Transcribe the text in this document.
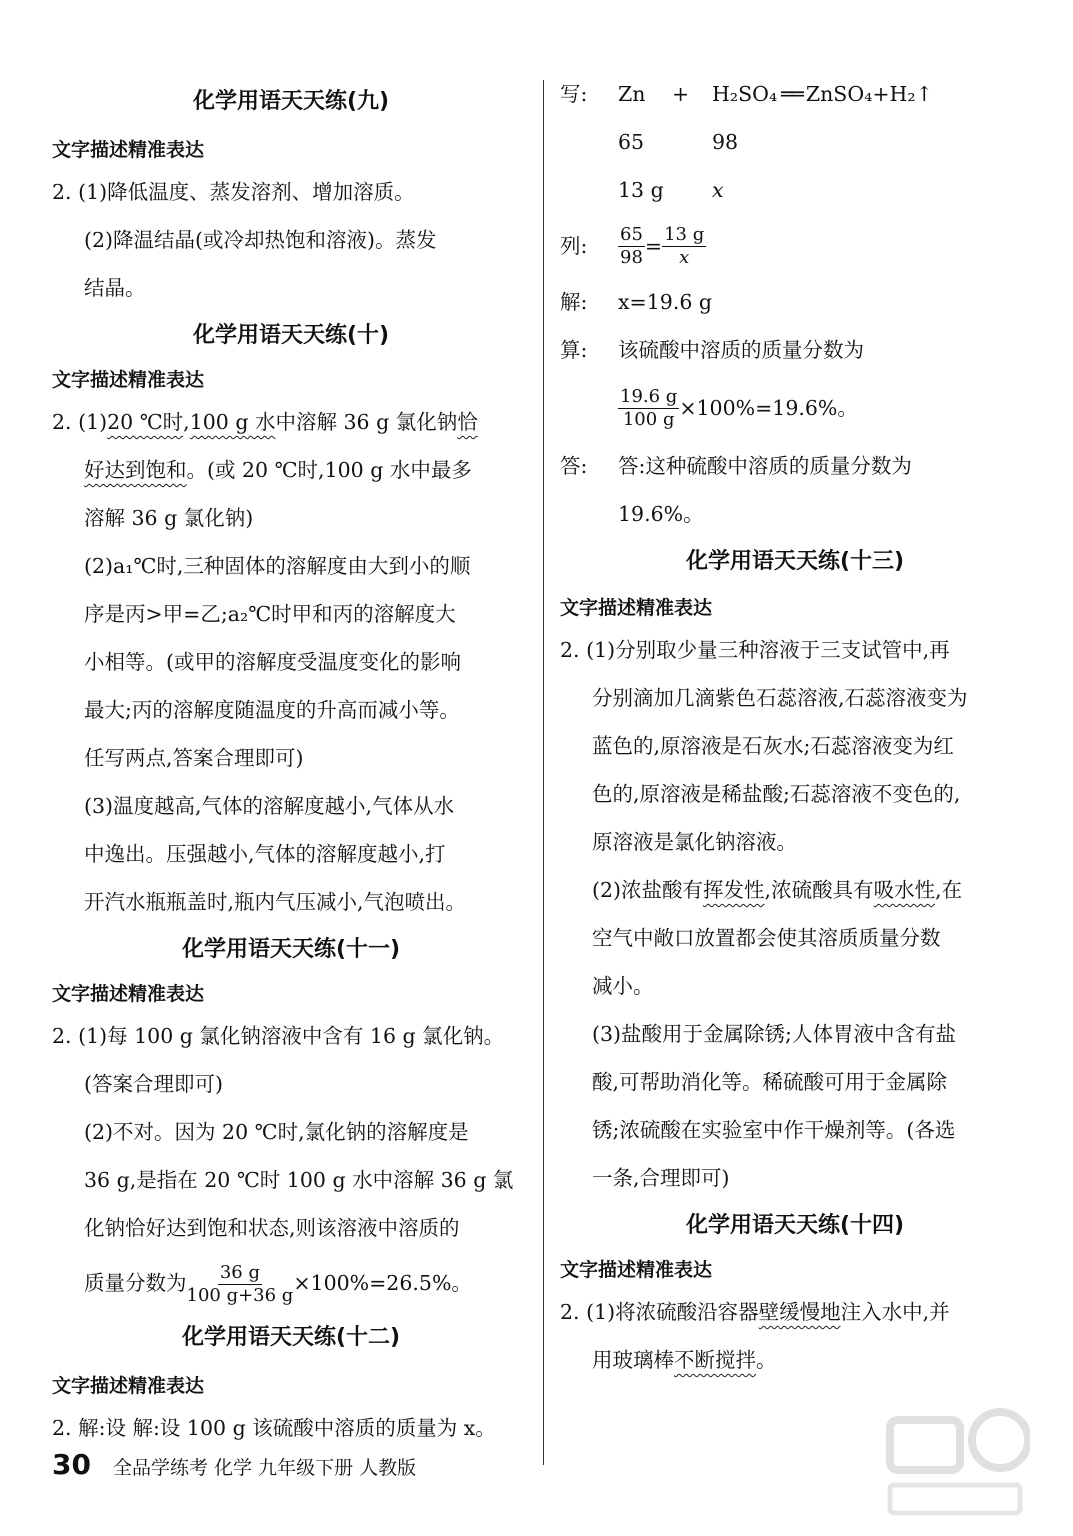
化学用语天天练(九)

文字描述精准表达

2. (1)降低温度、蒸发溶剂、增加溶质。

(2)降温结晶(或冷却热饱和溶液)。蒸发

结晶。

化学用语天天练(十)

文字描述精准表达

2. (1)20 ℃时,100 g 水中溶解 36 g 氯化钠恰

好达到饱和。(或 20 ℃时,100 g 水中最多

溶解 36 g 氯化钠)

(2)a₁℃时,三种固体的溶解度由大到小的顺

序是丙>甲=乙;a₂℃时甲和丙的溶解度大

小相等。(或甲的溶解度受温度变化的影响

最大;丙的溶解度随温度的升高而减小等。

任写两点,答案合理即可)

(3)温度越高,气体的溶解度越小,气体从水

中逸出。压强越小,气体的溶解度越小,打

开汽水瓶瓶盖时,瓶内气压减小,气泡喷出。

化学用语天天练(十一)

文字描述精准表达

2. (1)每 100 g 氯化钠溶液中含有 16 g 氯化钠。

(答案合理即可)

(2)不对。因为 20 ℃时,氯化钠的溶解度是

36 g,是指在 20 ℃时 100 g 水中溶解 36 g 氯

化钠恰好达到饱和状态,则该溶液中溶质的

质量分数为 $\frac{36 g}{100 g+36 g} \times 100\%=26.5\%$。

化学用语天天练(十二)

文字描述精准表达

2. 解:设 解:设 100 g 该硫酸中溶质的质量为 x。

写:	Zn	+	H₂SO₄ ══ ZnSO₄+H₂↑
65	98
13 g	x
列:	$\frac{65}{98} = \frac{13 g}{x}$
解:	x=19.6 g
算:	该硫酸中溶质的质量分数为
$\frac{19.6 g}{100 g} \times 100\%=19.6\%$。
答:	答:这种硫酸中溶质的质量分数为
19.6%。

化学用语天天练(十三)

文字描述精准表达

2. (1)分别取少量三种溶液于三支试管中,再

分别滴加几滴紫色石蕊溶液,石蕊溶液变为

蓝色的,原溶液是石灰水;石蕊溶液变为红

色的,原溶液是稀盐酸;石蕊溶液不变色的,

原溶液是氯化钠溶液。

(2)浓盐酸有挥发性,浓硫酸具有吸水性,在

空气中敞口放置都会使其溶质质量分数

减小。

(3)盐酸用于金属除锈;人体胃液中含有盐

酸,可帮助消化等。稀硫酸可用于金属除

锈;浓硫酸在实验室中作干燥剂等。(各选

一条,合理即可)

化学用语天天练(十四)

文字描述精准表达

2. (1)将浓硫酸沿容器壁缓慢地注入水中,并

用玻璃棒不断搅拌。

30 全品学练考 化学 九年级下册 人教版
